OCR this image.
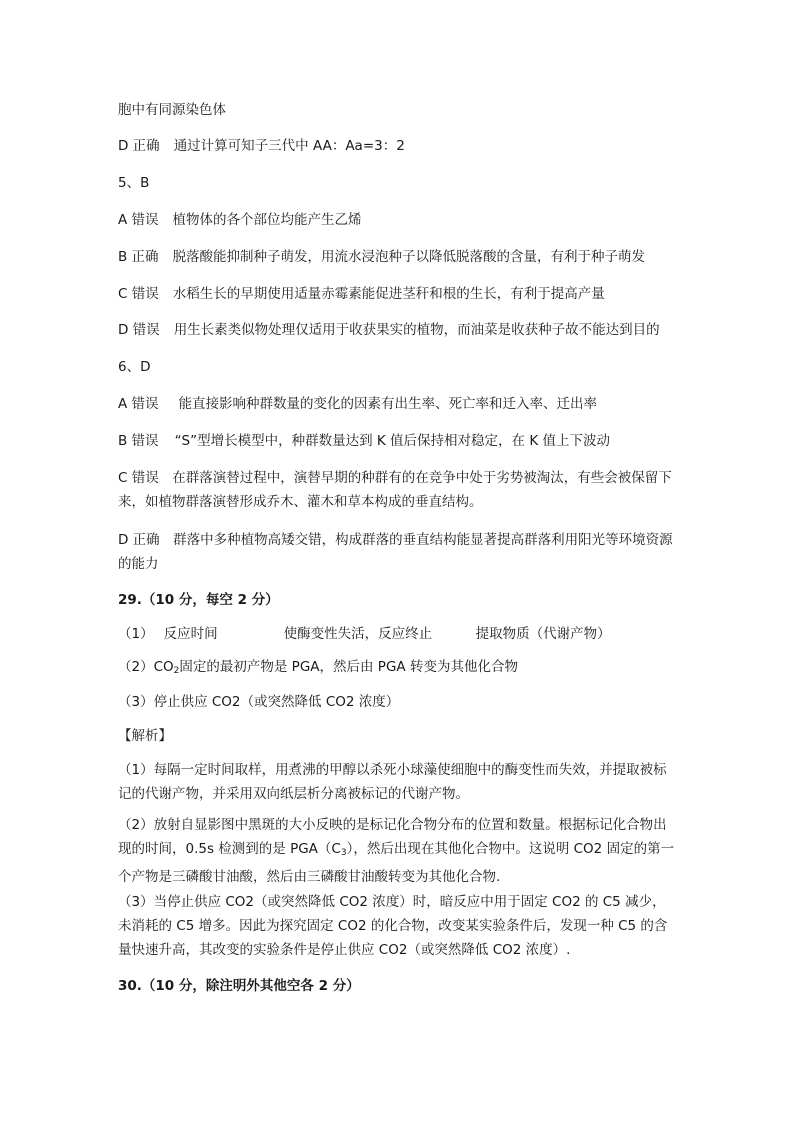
胞中有同源染色体
D 正确 通过计算可知子三代中 AA：Aa=3：2
5、B
A 错误 植物体的各个部位均能产生乙烯
B 正确 脱落酸能抑制种子萌发，用流水浸泡种子以降低脱落酸的含量，有利于种子萌发
C 错误 水稻生长的早期使用适量赤霉素能促进茎秆和根的生长，有利于提高产量
D 错误 用生长素类似物处理仅适用于收获果实的植物，而油菜是收获种子故不能达到目的
6、D
A 错误 能直接影响种群数量的变化的因素有出生率、死亡率和迁入率、迁出率
B 错误 “S”型增长模型中，种群数量达到 K 值后保持相对稳定，在 K 值上下波动
C 错误　在群落演替过程中，演替早期的种群有的在竞争中处于劣势被淘汰，有些会被保留下来，如植物群落演替形成乔木、灌木和草本构成的垂直结构。
D 正确　群落中多种植物高矮交错，构成群落的垂直结构能显著提高群落利用阳光等环境资源的能力
29.（10 分，每空 2 分）
（1） 反应时间	使酶变性失活，反应终止	提取物质（代谢产物）
$(2)CO_2$固定的最初产物是 PGA，然后由 PGA 转变为其他化合物
（3）停止供应 CO2（或突然降低 CO2 浓度）
【解析】
（1）每隔一定时间取样，用煮沸的甲醇以杀死小球藻使细胞中的酶变性而失效，并提取被标记的代谢产物，并采用双向纸层析分离被标记的代谢产物。
（2）放射自显影图中黑斑的大小反映的是标记化合物分布的位置和数量。根据标记化合物出现的时间，0.5s 检测到的是 $PGA(C_3)$，然后出现在其他化合物中。这说明 CO2 固定的第一个产物是三磷酸甘油酸，然后由三磷酸甘油酸转变为其他化合物.
（3）当停止供应 CO2（或突然降低 CO2 浓度）时，暗反应中用于固定 CO2 的 C5 减少，未消耗的 C5 增多。因此为探究固定 CO2 的化合物，改变某实验条件后，发现一种 C5 的含量快速升高，其改变的实验条件是停止供应 CO2（或突然降低 CO2 浓度）.
30.（10 分，除注明外其他空各 2 分）
